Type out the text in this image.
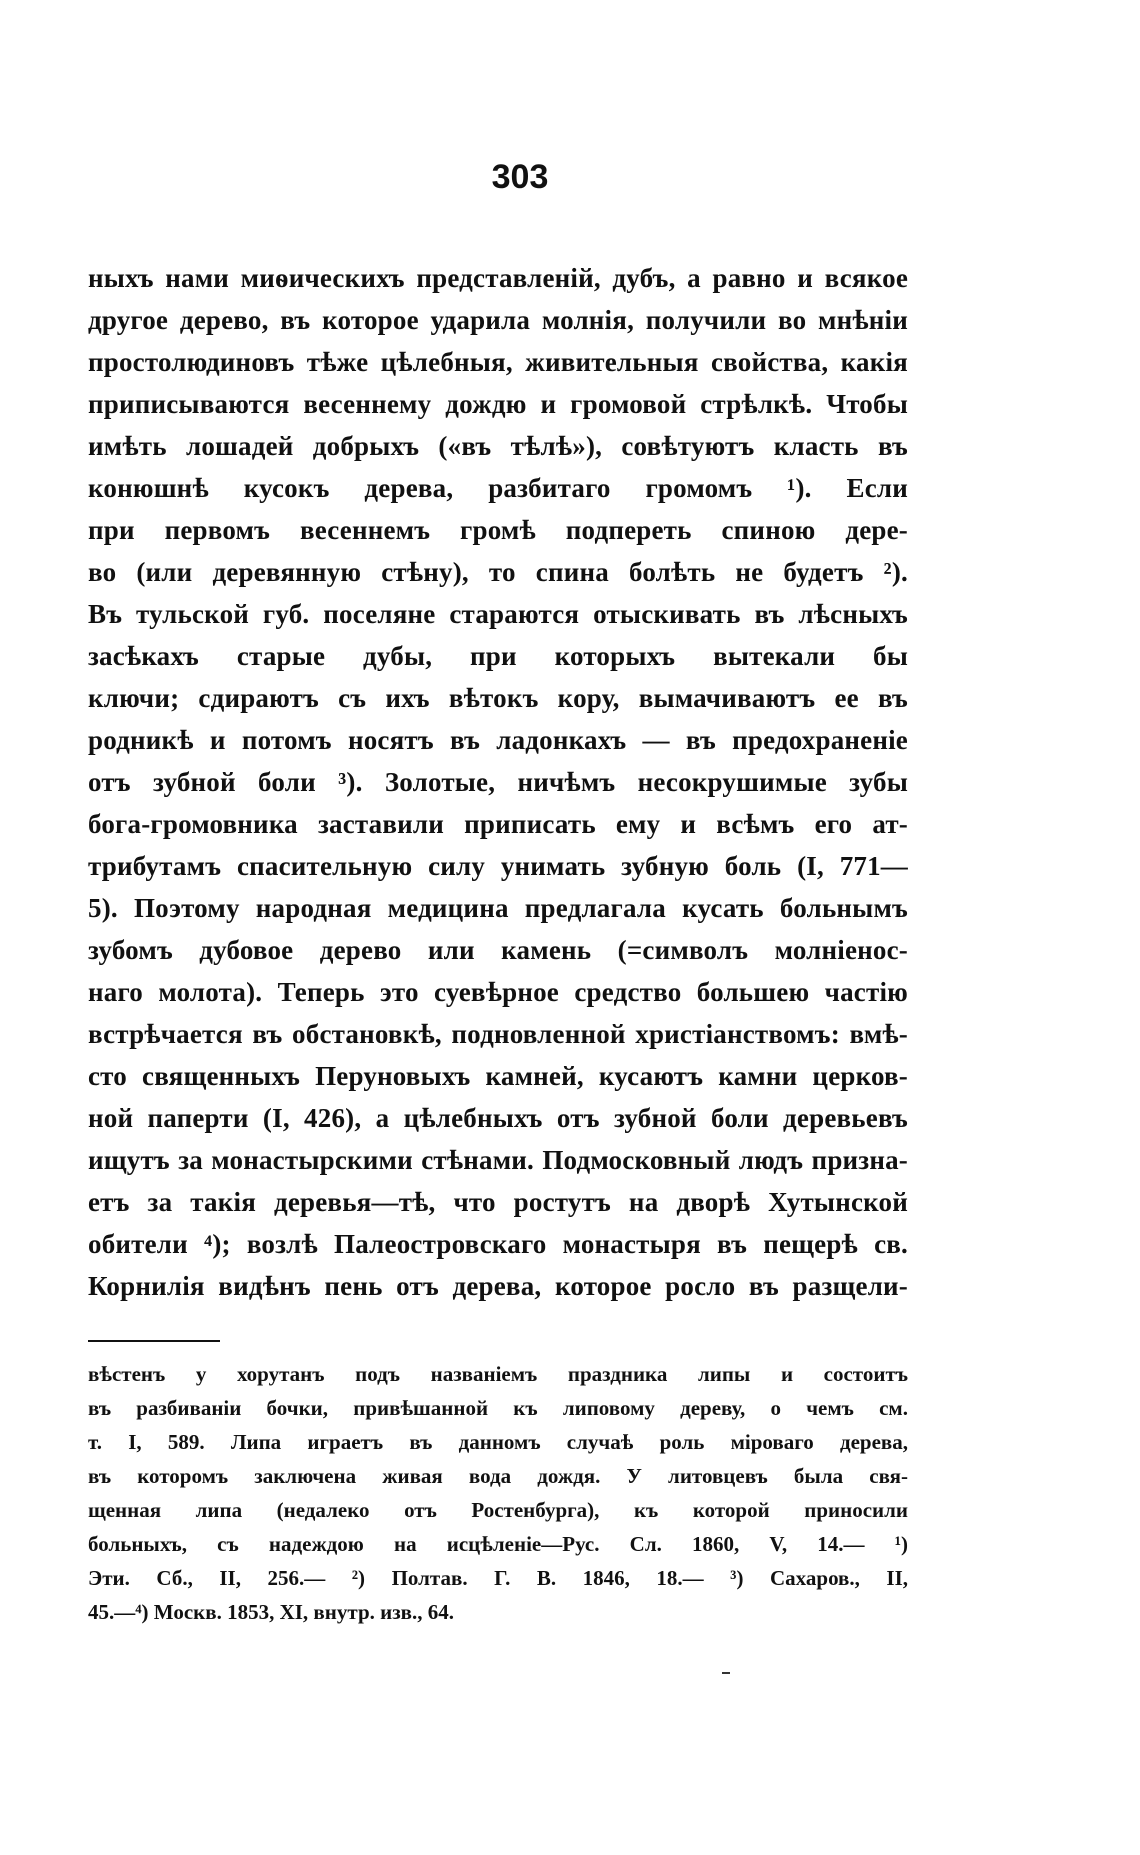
303
ныхъ нами миѳическихъ представленій, дубъ, а равно и всякое
другое дерево, въ которое ударила молнія, получили во мнѣніи
простолюдиновъ тѣже цѣлебныя, живительныя свойства, какія
приписываются весеннему дождю и громовой стрѣлкѣ. Чтобы
имѣть лошадей добрыхъ («въ тѣлѣ»), совѣтуютъ класть въ
конюшнѣ кусокъ дерева, разбитаго громомъ ¹). Если
при первомъ весеннемъ громѣ подпереть спиною дере-
во (или деревянную стѣну), то спина болѣть не будетъ ²).
Въ тульской губ. поселяне стараются отыскивать въ лѣсныхъ
засѣкахъ старые дубы, при которыхъ вытекали бы
ключи; сдираютъ съ ихъ вѣтокъ кору, вымачиваютъ ее въ
родникѣ и потомъ носятъ въ ладонкахъ — въ предохраненіе
отъ зубной боли ³). Золотые, ничѣмъ несокрушимые зубы
бога-громовника заставили приписать ему и всѣмъ его ат-
трибутамъ спасительную силу унимать зубную боль (I, 771—
5). Поэтому народная медицина предлагала кусать больнымъ
зубомъ дубовое дерево или камень (=символъ молніенос-
наго молота). Теперь это суевѣрное средство большею частію
встрѣчается въ обстановкѣ, подновленной христіанствомъ: вмѣ-
сто священныхъ Перуновыхъ камней, кусаютъ камни церков-
ной паперти (I, 426), а цѣлебныхъ отъ зубной боли деревьевъ
ищутъ за монастырскими стѣнами. Подмосковный людъ призна-
етъ за такія деревья—тѣ, что ростутъ на дворѣ Хутынской
обители ⁴); возлѣ Палеостровскаго монастыря въ пещерѣ св.
Корнилія видѣнъ пень отъ дерева, которое росло въ разщели-
вѣстенъ у хорутанъ подъ названіемъ праздника липы и состоитъ
въ разбиваніи бочки, привѣшанной къ липовому дереву, о чемъ см.
т. I, 589. Липа играетъ въ данномъ случаѣ роль міроваго дерева,
въ которомъ заключена живая вода дождя. У литовцевъ была свя-
щенная липа (недалеко отъ Ростенбурга), къ которой приносили
больныхъ, съ надеждою на исцѣленіе—Рус. Сл. 1860, V, 14.— ¹)
Эти. Сб., II, 256.— ²) Полтав. Г. В. 1846, 18.— ³) Сахаров., II,
45.—⁴) Москв. 1853, XI, внутр. изв., 64.
